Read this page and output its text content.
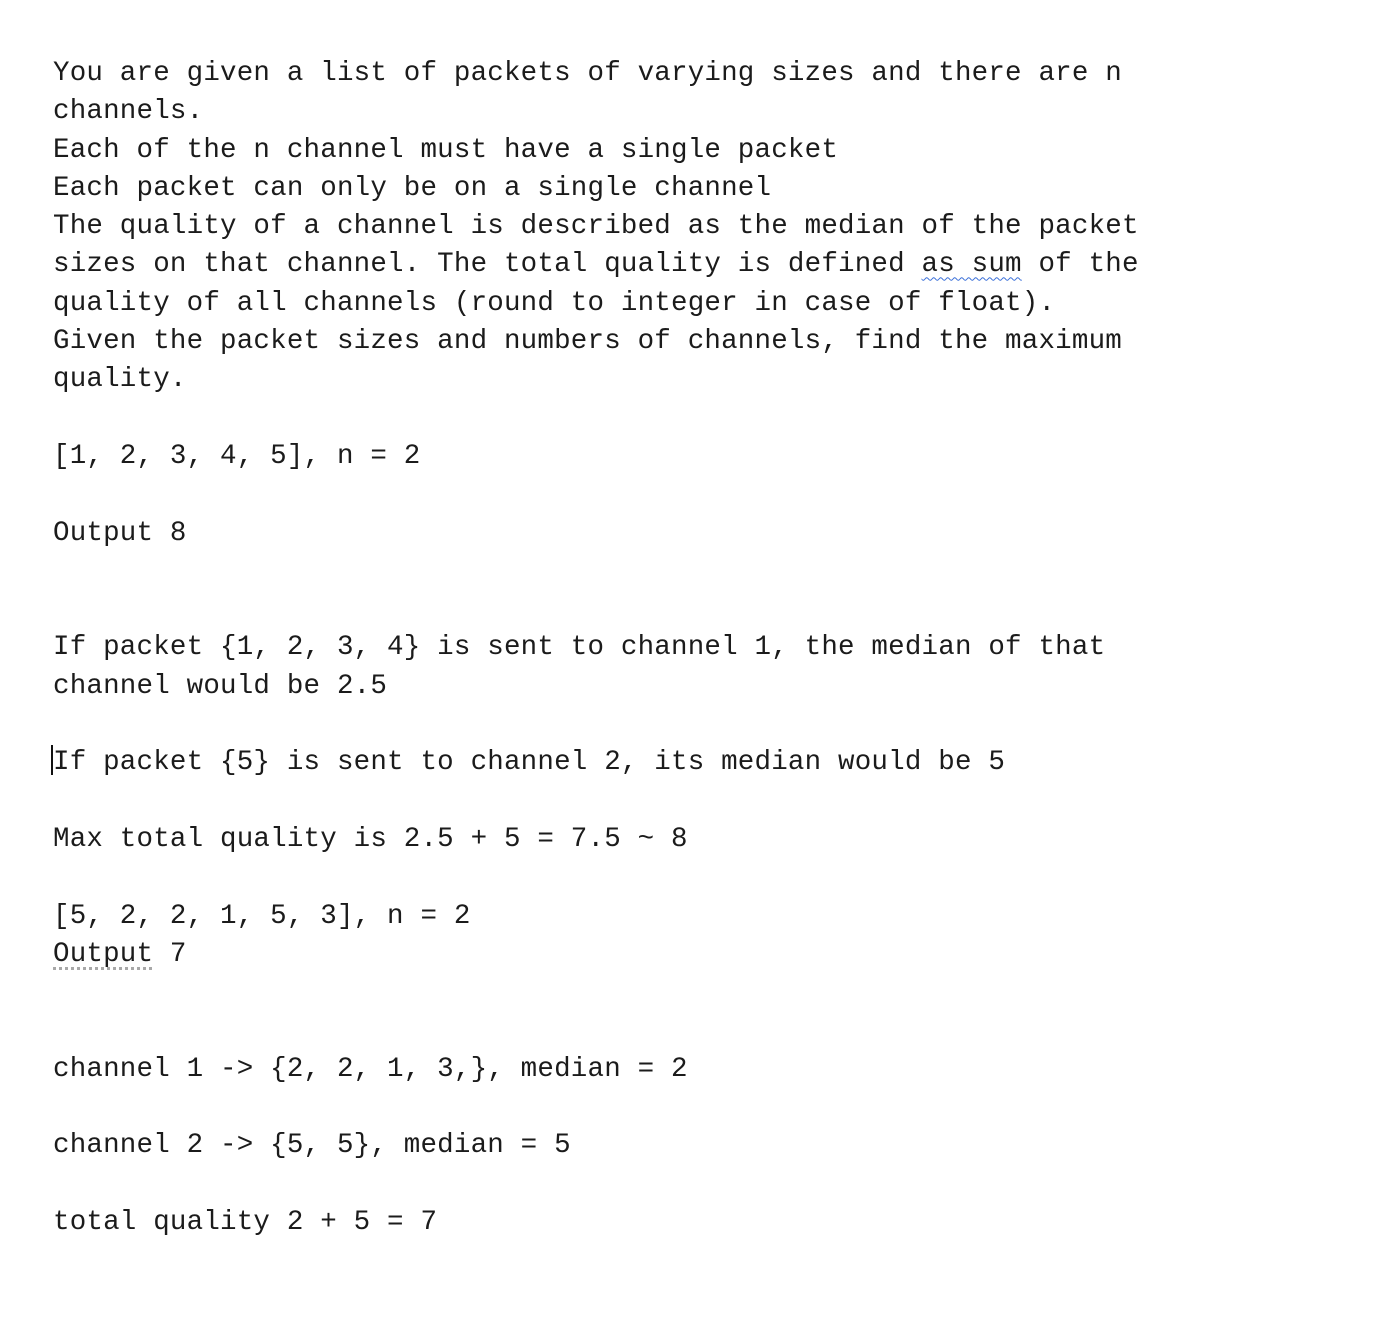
You are given a list of packets of varying sizes and there are n
channels.
Each of the n channel must have a single packet
Each packet can only be on a single channel
The quality of a channel is described as the median of the packet
sizes on that channel. The total quality is defined as sum of the
quality of all channels (round to integer in case of float).
Given the packet sizes and numbers of channels, find the maximum
quality.
[1, 2, 3, 4, 5], n = 2
Output 8
If packet {1, 2, 3, 4} is sent to channel 1, the median of that
channel would be 2.5
If packet {5} is sent to channel 2, its median would be 5
Max total quality is 2.5 + 5 = 7.5 ~ 8
[5, 2, 2, 1, 5, 3], n = 2
Output 7
channel 1 -> {2, 2, 1, 3,}, median = 2
channel 2 -> {5, 5}, median = 5
total quality 2 + 5 = 7
